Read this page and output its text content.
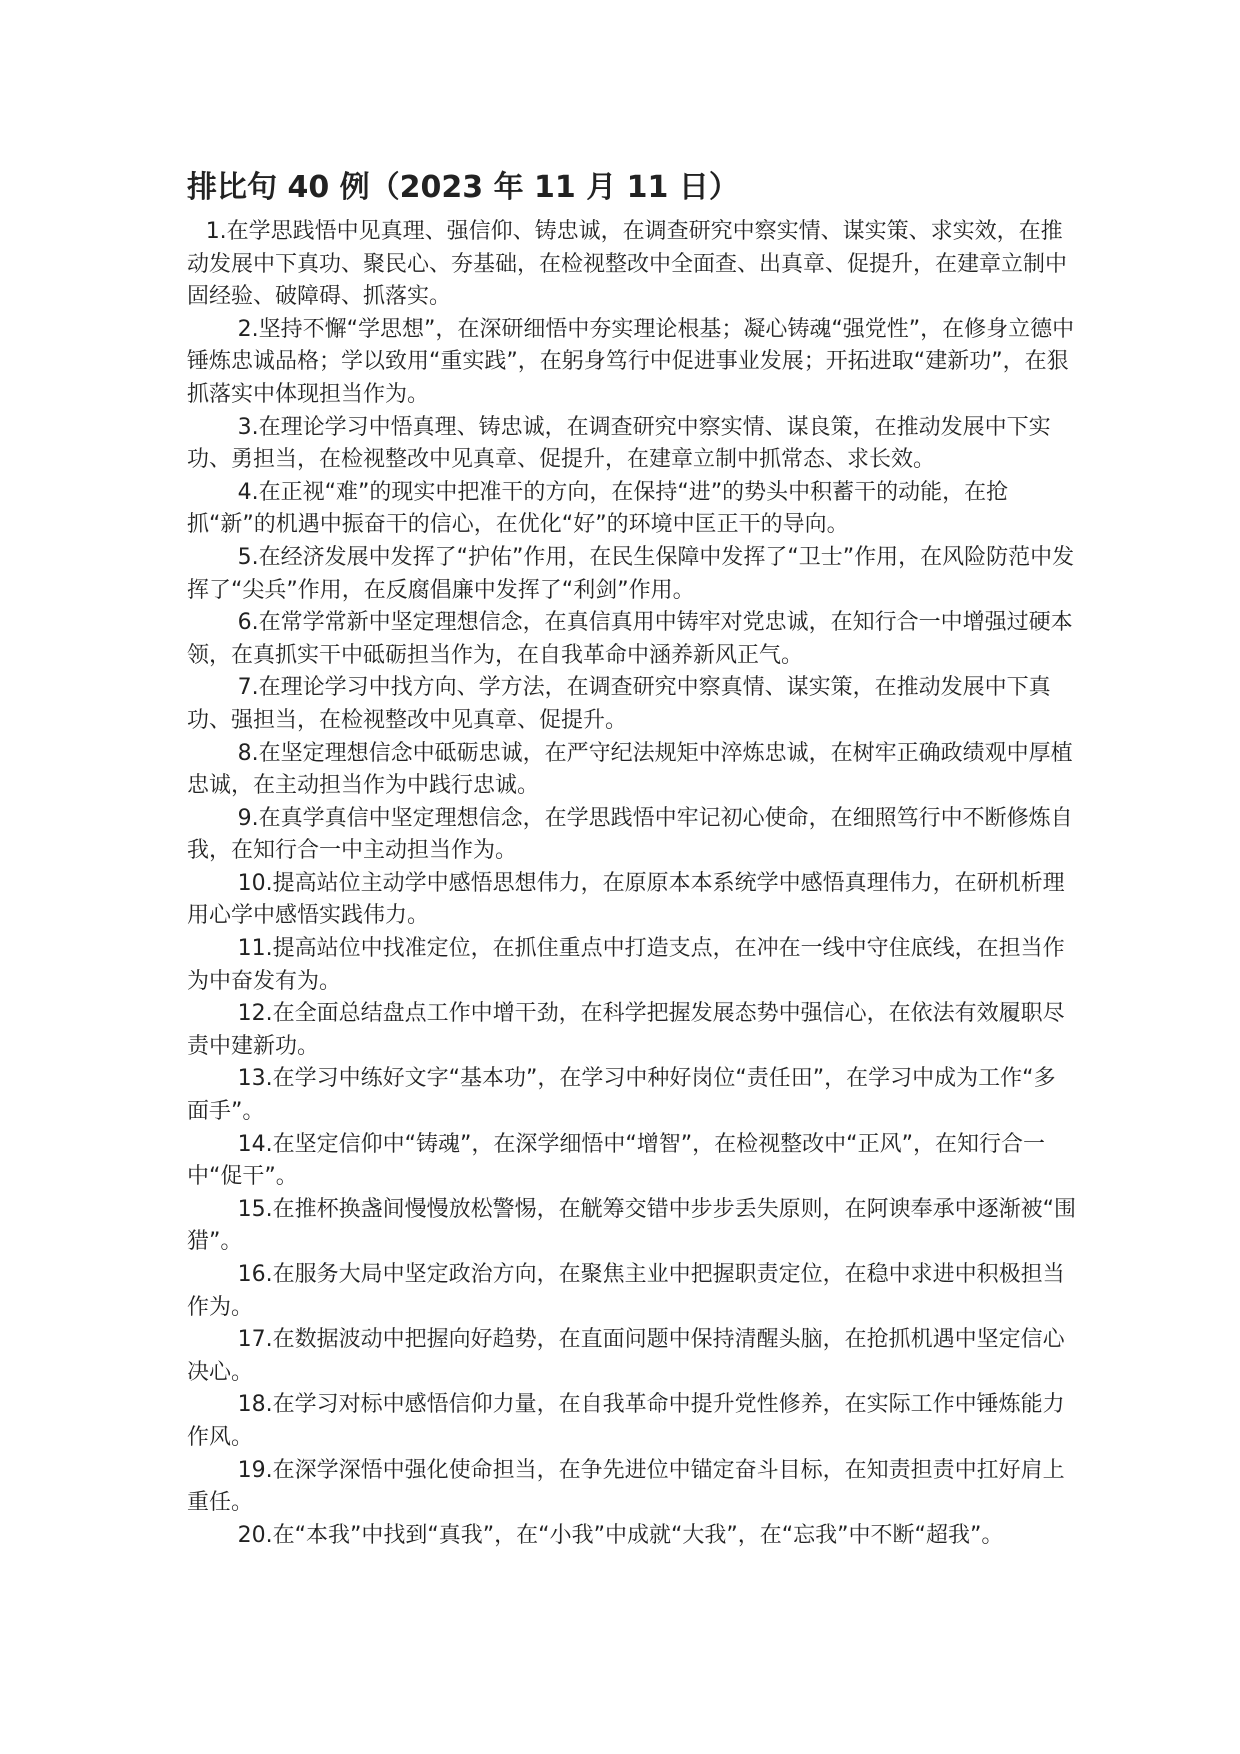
排比句 40 例（2023 年 11 月 11 日）

1.在学思践悟中见真理、强信仰、铸忠诚，在调查研究中察实情、谋实策、求实效，在推动发展中下真功、聚民心、夯基础，在检视整改中全面查、出真章、促提升，在建章立制中固经验、破障碍、抓落实。

2.坚持不懈“学思想”，在深研细悟中夯实理论根基；凝心铸魂“强党性”，在修身立德中锤炼忠诚品格；学以致用“重实践”，在躬身笃行中促进事业发展；开拓进取“建新功”，在狠抓落实中体现担当作为。

3.在理论学习中悟真理、铸忠诚，在调查研究中察实情、谋良策，在推动发展中下实功、勇担当，在检视整改中见真章、促提升，在建章立制中抓常态、求长效。

4.在正视“难”的现实中把准干的方向，在保持“进”的势头中积蓄干的动能，在抢抓“新”的机遇中振奋干的信心，在优化“好”的环境中匡正干的导向。

5.在经济发展中发挥了“护佑”作用，在民生保障中发挥了“卫士”作用，在风险防范中发挥了“尖兵”作用，在反腐倡廉中发挥了“利剑”作用。

6.在常学常新中坚定理想信念，在真信真用中铸牢对党忠诚，在知行合一中增强过硬本领，在真抓实干中砥砺担当作为，在自我革命中涵养新风正气。

7.在理论学习中找方向、学方法，在调查研究中察真情、谋实策，在推动发展中下真功、强担当，在检视整改中见真章、促提升。

8.在坚定理想信念中砥砺忠诚，在严守纪法规矩中淬炼忠诚，在树牢正确政绩观中厚植忠诚，在主动担当作为中践行忠诚。

9.在真学真信中坚定理想信念，在学思践悟中牢记初心使命，在细照笃行中不断修炼自我，在知行合一中主动担当作为。

10.提高站位主动学中感悟思想伟力，在原原本本系统学中感悟真理伟力，在研机析理用心学中感悟实践伟力。

11.提高站位中找准定位，在抓住重点中打造支点，在冲在一线中守住底线，在担当作为中奋发有为。

12.在全面总结盘点工作中增干劲，在科学把握发展态势中强信心，在依法有效履职尽责中建新功。

13.在学习中练好文字“基本功”，在学习中种好岗位“责任田”，在学习中成为工作“多面手”。

14.在坚定信仰中“铸魂”，在深学细悟中“增智”，在检视整改中“正风”，在知行合一中“促干”。

15.在推杯换盏间慢慢放松警惕，在觥筹交错中步步丢失原则，在阿谀奉承中逐渐被“围猎”。

16.在服务大局中坚定政治方向，在聚焦主业中把握职责定位，在稳中求进中积极担当作为。

17.在数据波动中把握向好趋势，在直面问题中保持清醒头脑，在抢抓机遇中坚定信心决心。

18.在学习对标中感悟信仰力量，在自我革命中提升党性修养，在实际工作中锤炼能力作风。

19.在深学深悟中强化使命担当，在争先进位中锚定奋斗目标，在知责担责中扛好肩上重任。

20.在“本我”中找到“真我”，在“小我”中成就“大我”，在“忘我”中不断“超我”。
